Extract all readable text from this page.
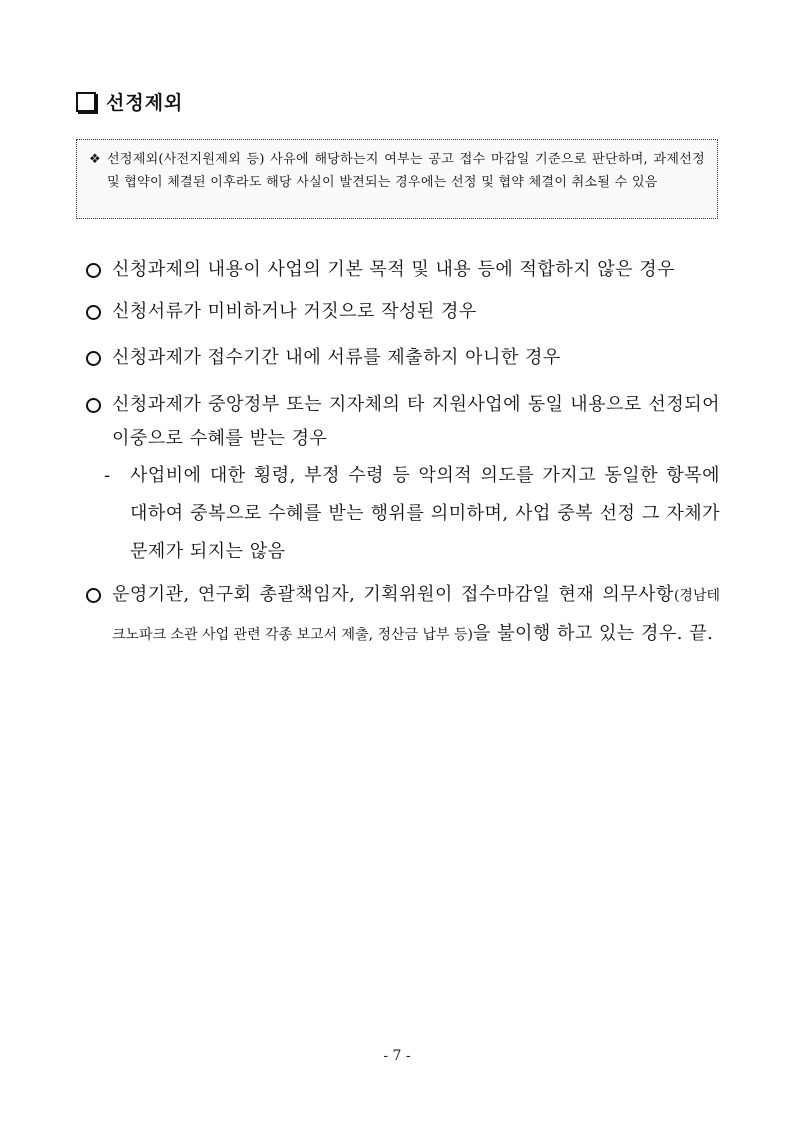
선정제외
❖ 선정제외(사전지원제외 등) 사유에 해당하는지 여부는 공고 접수 마감일 기준으로 판단하며, 과제선정 및 협약이 체결된 이후라도 해당 사실이 발견되는 경우에는 선정 및 협약 체결이 취소될 수 있음
신청과제의 내용이 사업의 기본 목적 및 내용 등에 적합하지 않은 경우
신청서류가 미비하거나 거짓으로 작성된 경우
신청과제가 접수기간 내에 서류를 제출하지 아니한 경우
신청과제가 중앙정부 또는 지자체의 타 지원사업에 동일 내용으로 선정되어 이중으로 수혜를 받는 경우
-	사업비에 대한 횡령, 부정 수령 등 악의적 의도를 가지고 동일한 항목에 대하여 중복으로 수혜를 받는 행위를 의미하며, 사업 중복 선정 그 자체가 문제가 되지는 않음
운영기관, 연구회 총괄책임자, 기획위원이 접수마감일 현재 의무사항(경남테크노파크 소관 사업 관련 각종 보고서 제출, 정산금 납부 등)을 불이행 하고 있는 경우. 끝.
- 7 -
